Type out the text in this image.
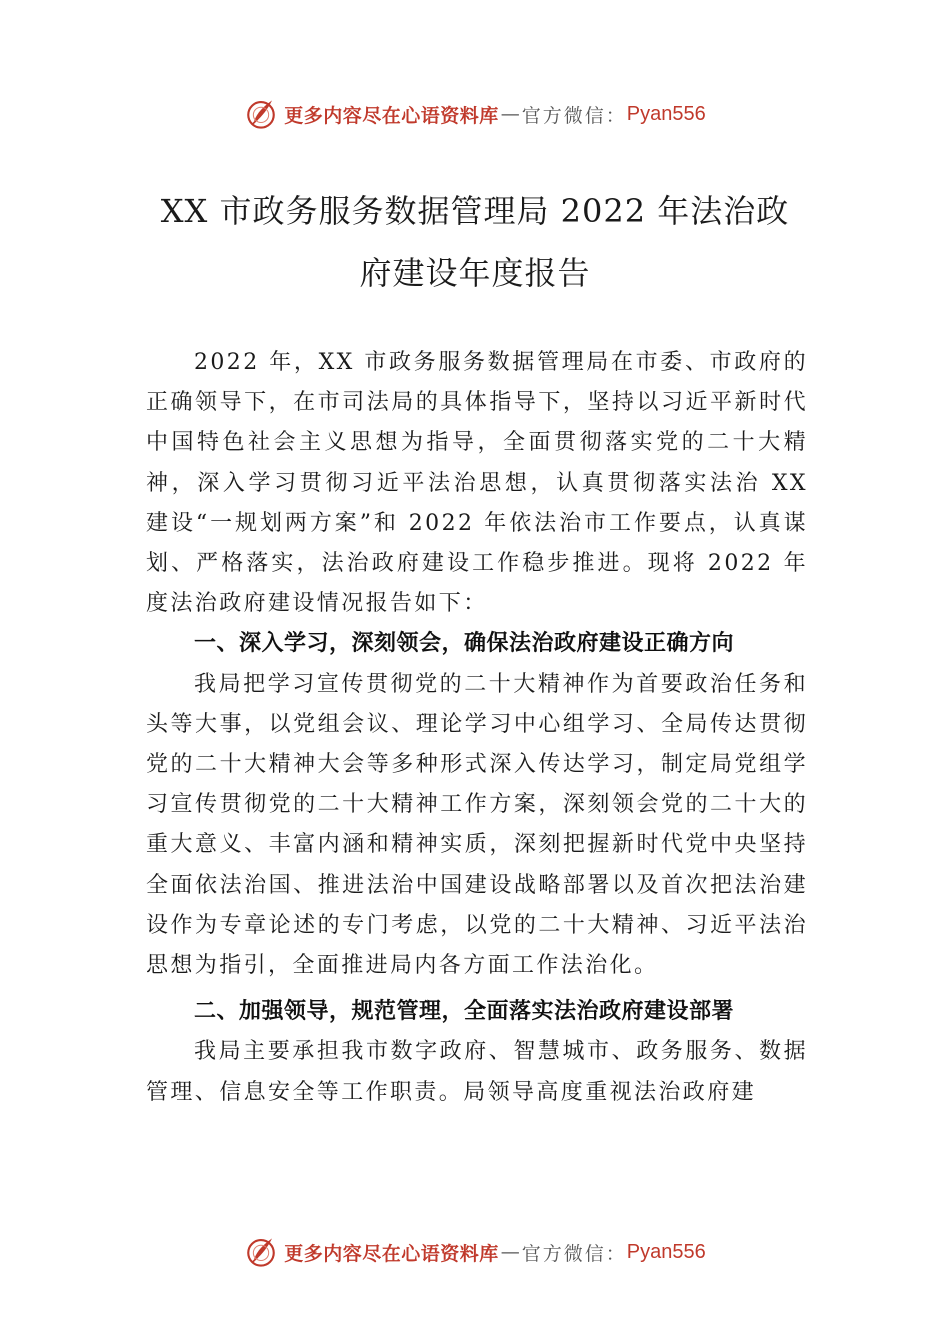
更多内容尽在心语资料库 — 官方微信： Pyan556
XX 市政务服务数据管理局 2022 年法治政
府建设年度报告

2022 年，XX 市政务服务数据管理局在市委、市政府的正确领导下，在市司法局的具体指导下，坚持以习近平新时代中国特色社会主义思想为指导，全面贯彻落实党的二十大精神，深入学习贯彻习近平法治思想，认真贯彻落实法治 XX 建设“一规划两方案”和 2022 年依法治市工作要点，认真谋划、严格落实，法治政府建设工作稳步推进。现将 2022 年度法治政府建设情况报告如下：

一、深入学习，深刻领会，确保法治政府建设正确方向

我局把学习宣传贯彻党的二十大精神作为首要政治任务和头等大事，以党组会议、理论学习中心组学习、全局传达贯彻党的二十大精神大会等多种形式深入传达学习，制定局党组学习宣传贯彻党的二十大精神工作方案，深刻领会党的二十大的重大意义、丰富内涵和精神实质，深刻把握新时代党中央坚持全面依法治国、推进法治中国建设战略部署以及首次把法治建设作为专章论述的专门考虑，以党的二十大精神、习近平法治思想为指引，全面推进局内各方面工作法治化。

二、加强领导，规范管理，全面落实法治政府建设部署

我局主要承担我市数字政府、智慧城市、政务服务、数据管理、信息安全等工作职责。局领导高度重视法治政府建

更多内容尽在心语资料库 — 官方微信： Pyan556
